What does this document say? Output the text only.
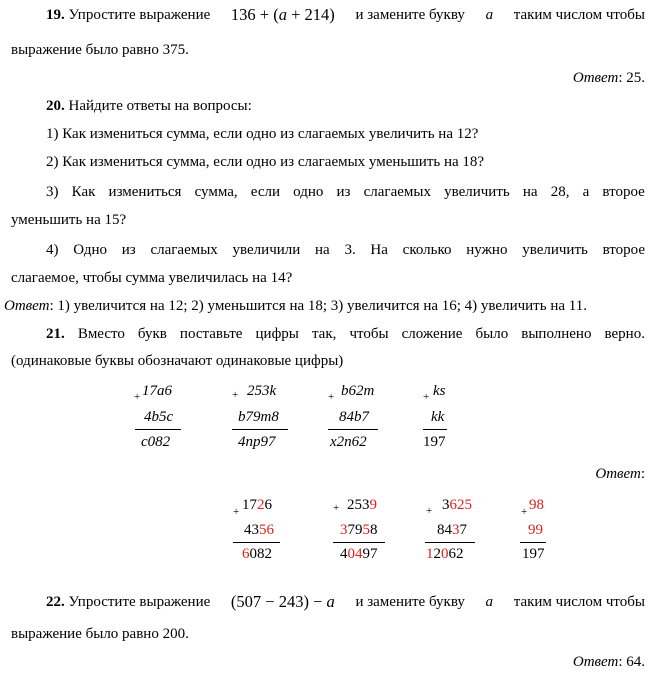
19. Упростите выражение 136 + (a + 214) и замените букву a таким числом чтобы
выражение было равно 375.
Ответ: 25.
20. Найдите ответы на вопросы:
1) Как измениться сумма, если одно из слагаемых увеличить на 12?
2) Как измениться сумма, если одно из слагаемых уменьшить на 18?
3) Как измениться сумма, если одно из слагаемых увеличить на 28, а второе
уменьшить на 15?
4) Одно из слагаемых увеличили на 3. На сколько нужно увеличить второе
слагаемое, чтобы сумма увеличилась на 14?
Ответ: 1) увеличится на 12; 2) уменьшится на 18; 3) увеличится на 16; 4) увеличить на 11.
21. Вместо букв поставьте цифры так, чтобы сложение было выполнено верно.
(одинаковые буквы обозначают одинаковые цифры)
+ 17a6
4b5c
c082
+ 253k
b79m8
4np97
+ b62m
84b7
x2n62
+ ks
kk
197
Ответ:
+ 1726
4356
6082
+ 2539
37958
40497
+ 3625
8437
12062
+ 98
99
197
22. Упростите выражение (507 − 243) − a и замените букву a таким числом чтобы
выражение было равно 200.
Ответ: 64.
